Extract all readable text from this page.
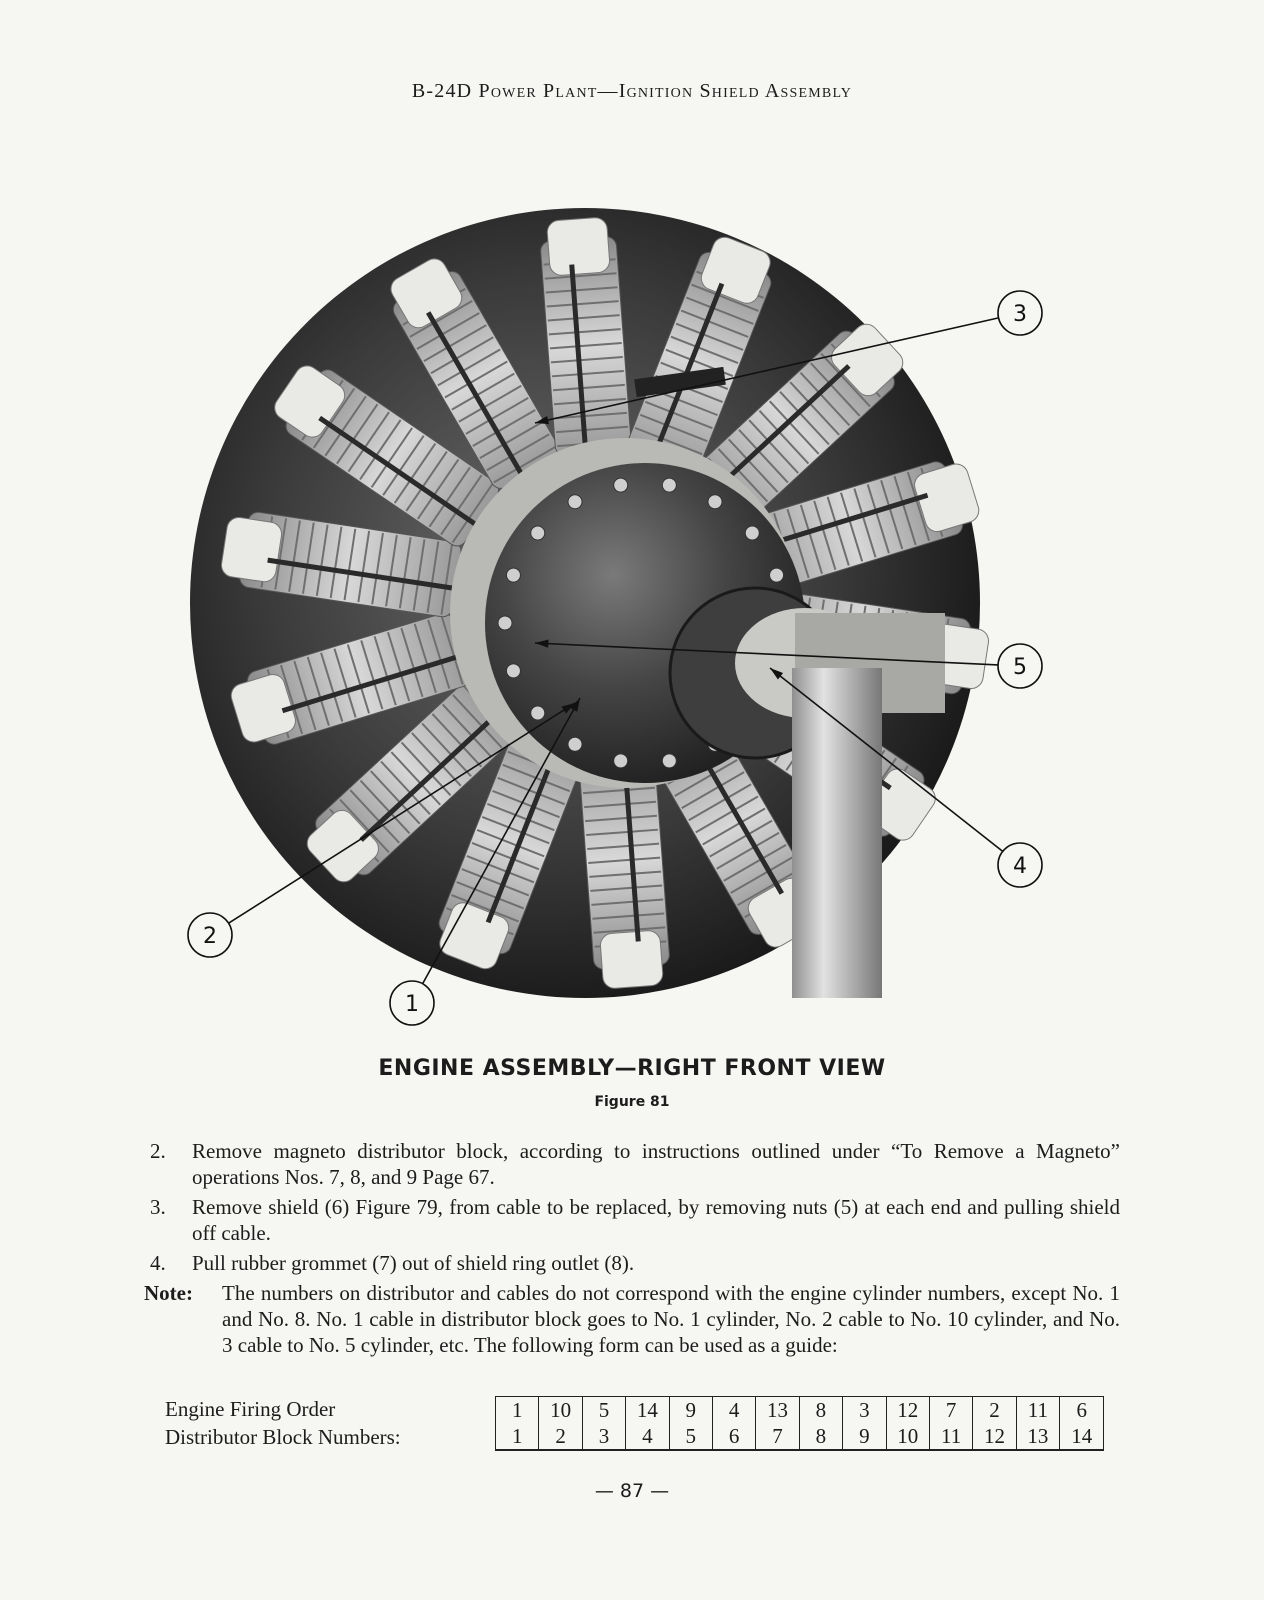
B-24D Power Plant—Ignition Shield Assembly
1
2
3
4
5
ENGINE ASSEMBLY—RIGHT FRONT VIEW
Figure 81
2.	Remove magneto distributor block, according to instructions outlined under “To Remove a Magneto” operations Nos. 7, 8, and 9 Page 67.
3.	Remove shield (6) Figure 79, from cable to be replaced, by removing nuts (5) at each end and pulling shield off cable.
4.	Pull rubber grommet (7) out of shield ring outlet (8).
Note:	The numbers on distributor and cables do not correspond with the engine cylinder numbers, except No. 1 and No. 8. No. 1 cable in distributor block goes to No. 1 cylinder, No. 2 cable to No. 10 cylinder, and No. 3 cable to No. 5 cylinder, etc. The following form can be used as a guide:
Engine Firing Order	1	10	5	14	9	4	13	8	3	12	7	2	11	6
Distributor Block Numbers:	1	2	3	4	5	6	7	8	9	10	11	12	13	14
— 87 —
